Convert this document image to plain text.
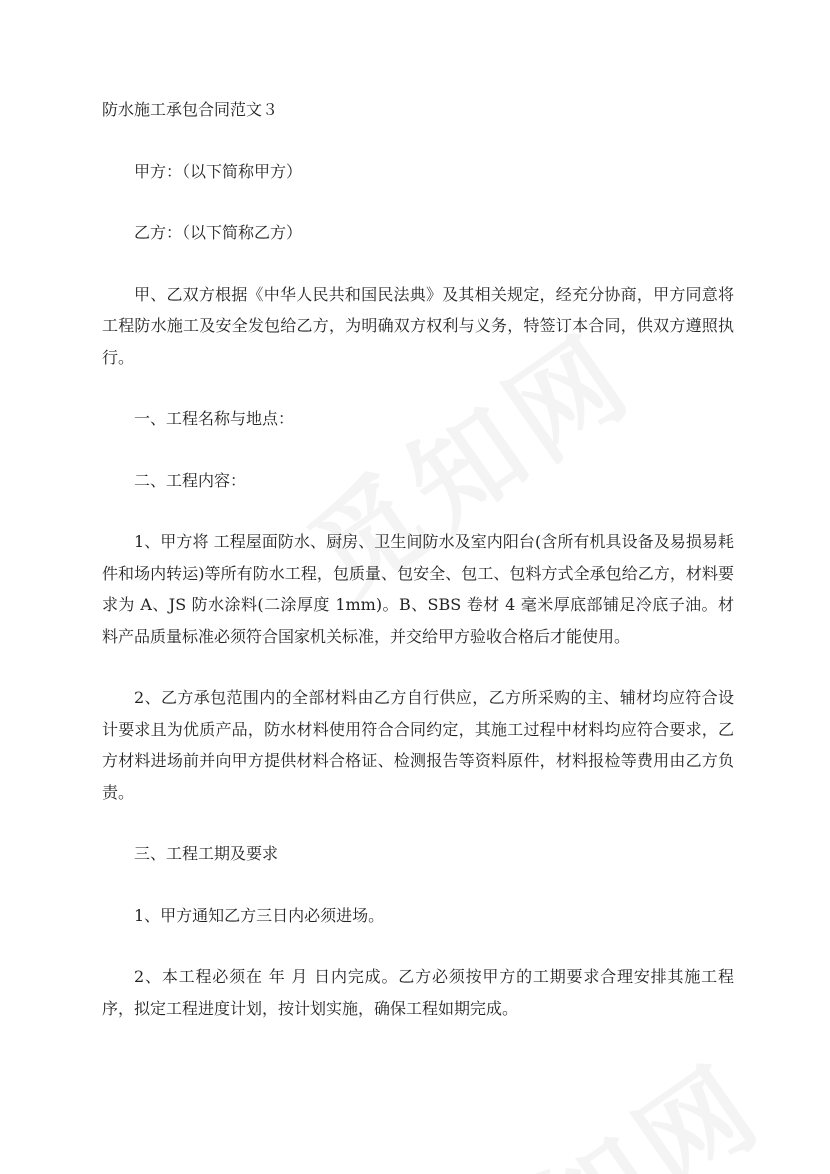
防水施工承包合同范文３

甲方：（以下简称甲方）

乙方：（以下简称乙方）

甲、乙双方根据《中华人民共和国民法典》及其相关规定，经充分协商，甲方同意将 工程防水施工及安全发包给乙方，为明确双方权利与义务，特签订本合同，供双方遵照执行。

一、工程名称与地点：

二、工程内容：

1、甲方将 工程屋面防水、厨房、卫生间防水及室内阳台(含所有机具设备及易损易耗件和场内转运)等所有防水工程，包质量、包安全、包工、包料方式全承包给乙方，材料要求为 A、JS 防水涂料(二涂厚度 1mm)。B、SBS 卷材 4 毫米厚底部铺足冷底子油。材料产品质量标准必须符合国家机关标准，并交给甲方验收合格后才能使用。

2、乙方承包范围内的全部材料由乙方自行供应，乙方所采购的主、辅材均应符合设计要求且为优质产品，防水材料使用符合合同约定，其施工过程中材料均应符合要求，乙方材料进场前并向甲方提供材料合格证、检测报告等资料原件，材料报检等费用由乙方负责。

三、工程工期及要求

1、甲方通知乙方三日内必须进场。

2、本工程必须在 年 月 日内完成。乙方必须按甲方的工期要求合理安排其施工程序，拟定工程进度计划，按计划实施，确保工程如期完成。
